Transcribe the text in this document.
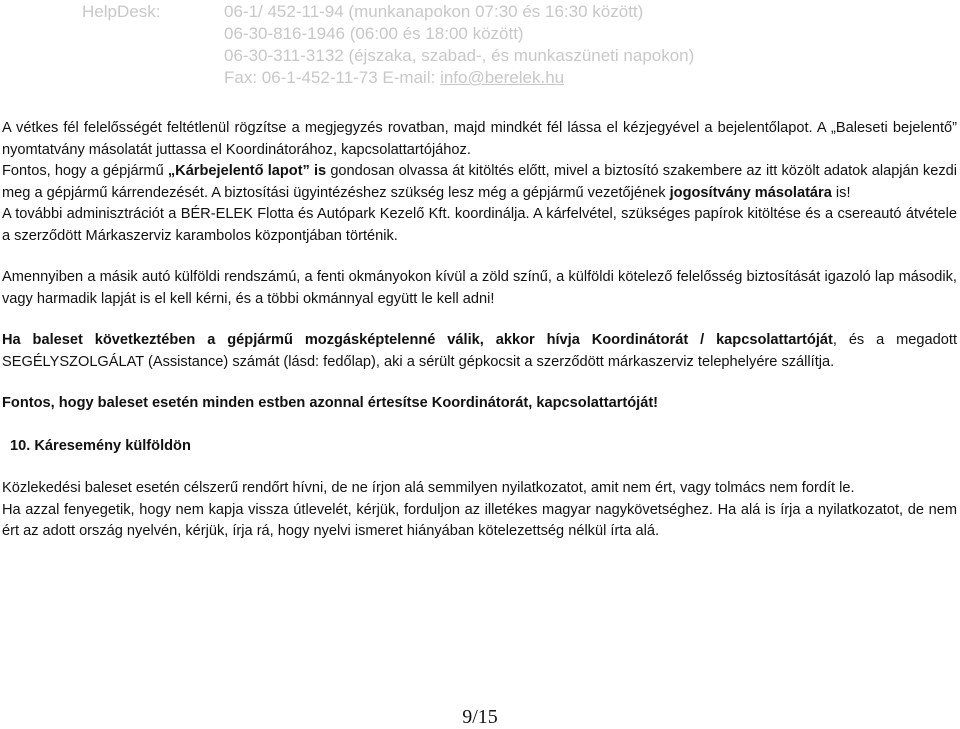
HelpDesk:	06-1/ 452-11-94 (munkanapokon 07:30 és 16:30 között)
06-30-816-1946 (06:00 és 18:00 között)
06-30-311-3132 (éjszaka, szabad-, és munkaszüneti napokon)
Fax: 06-1-452-11-73 E-mail: info@berelek.hu

A vétkes fél felelősségét feltétlenül rögzítse a megjegyzés rovatban, majd mindkét fél lássa el kézjegyével a bejelentőlapot. A „Baleseti bejelentő” nyomtatvány másolatát juttassa el Koordinátorához, kapcsolattartójához.

Fontos, hogy a gépjármű „Kárbejelentő lapot” is gondosan olvassa át kitöltés előtt, mivel a biztosító szakembere az itt közölt adatok alapján kezdi meg a gépjármű kárrendezését. A biztosítási ügyintézéshez szükség lesz még a gépjármű vezetőjének jogosítvány másolatára is!

A további adminisztrációt a BÉR-ELEK Flotta és Autópark Kezelő Kft. koordinálja. A kárfelvétel, szükséges papírok kitöltése és a csereautó átvétele a szerződött Márkaszerviz karambolos központjában történik.

Amennyiben a másik autó külföldi rendszámú, a fenti okmányokon kívül a zöld színű, a külföldi kötelező felelősség biztosítását igazoló lap második, vagy harmadik lapját is el kell kérni, és a többi okmánnyal együtt le kell adni!

Ha baleset következtében a gépjármű mozgásképtelenné válik, akkor hívja Koordinátorát / kapcsolattartóját, és a megadott SEGÉLYSZOLGÁLAT (Assistance) számát (lásd: fedőlap), aki a sérült gépkocsit a szerződött márkaszerviz telephelyére szállítja.

Fontos, hogy baleset esetén minden estben azonnal értesítse Koordinátorát, kapcsolattartóját!

10. Káresemény külföldön

Közlekedési baleset esetén célszerű rendőrt hívni, de ne írjon alá semmilyen nyilatkozatot, amit nem ért, vagy tolmács nem fordít le.

Ha azzal fenyegetik, hogy nem kapja vissza útlevelét, kérjük, forduljon az illetékes magyar nagykövetséghez. Ha alá is írja a nyilatkozatot, de nem ért az adott ország nyelvén, kérjük, írja rá, hogy nyelvi ismeret hiányában kötelezettség nélkül írta alá.

9/15
